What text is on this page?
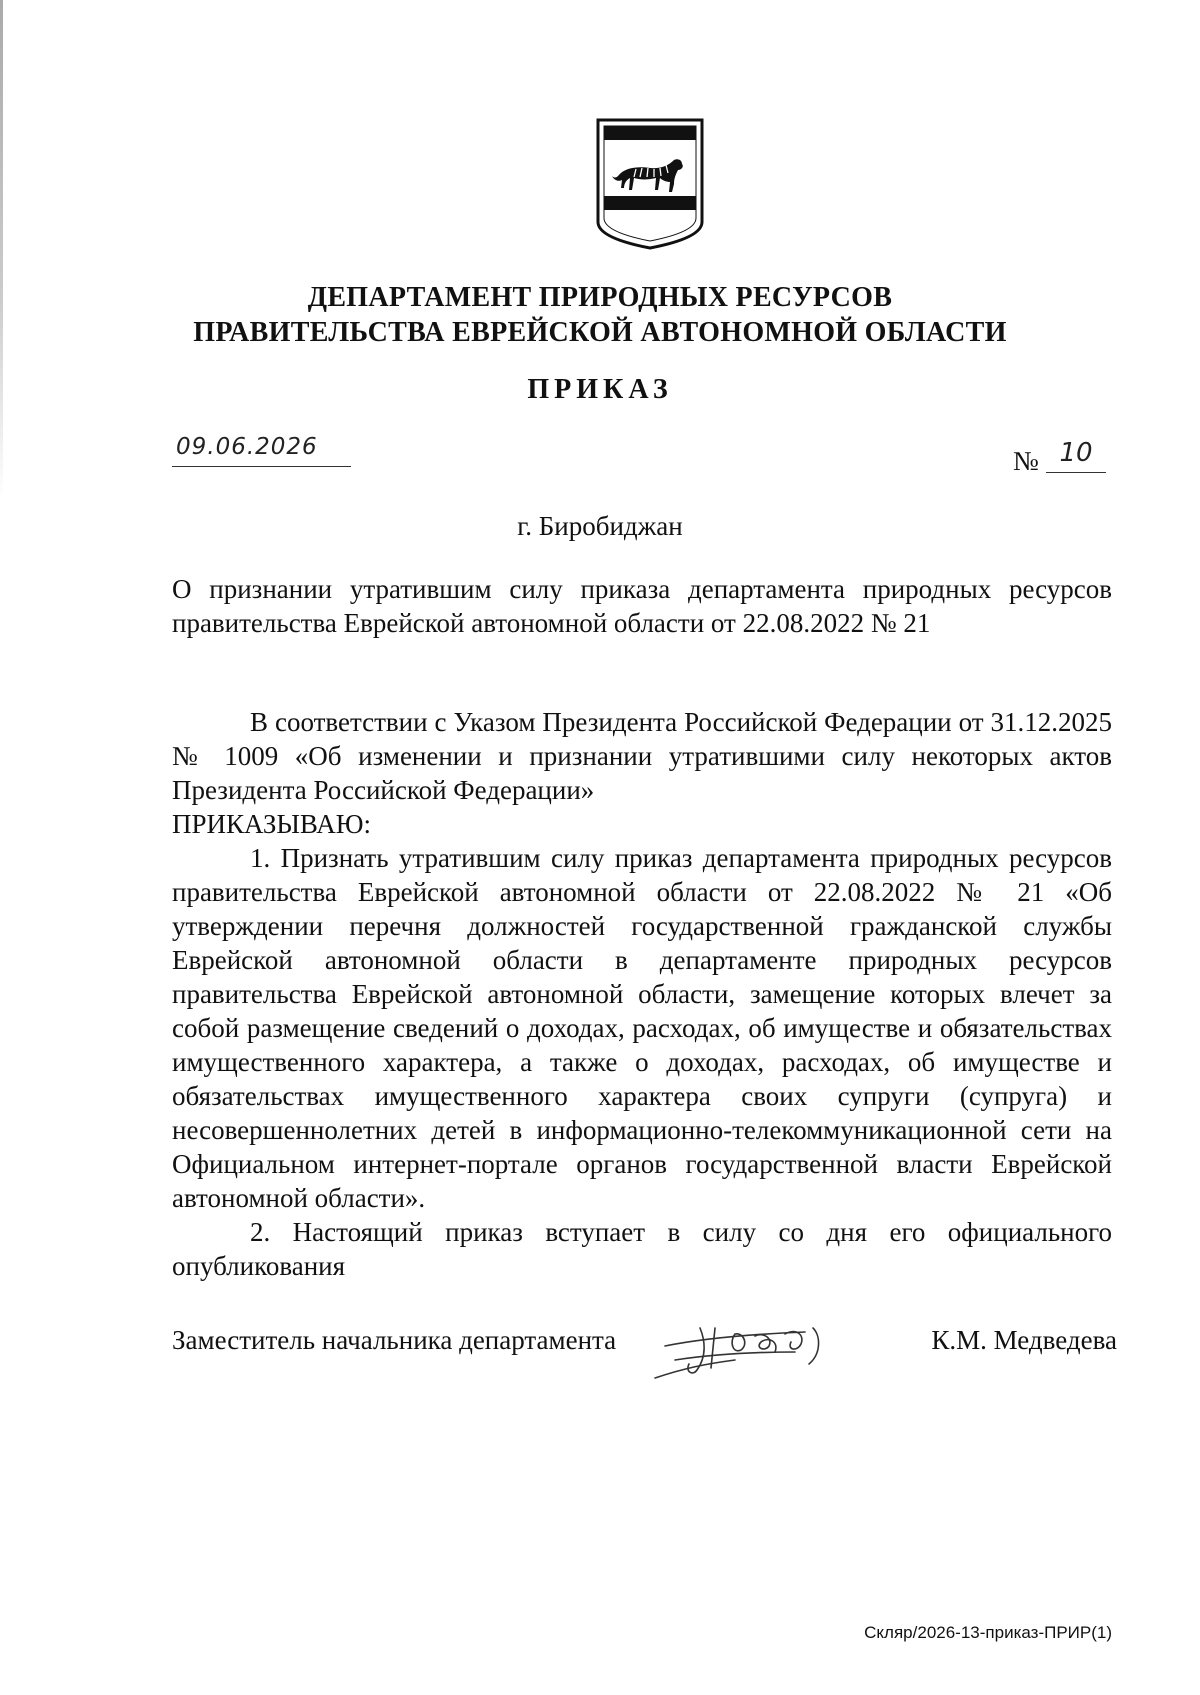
ДЕПАРТАМЕНТ ПРИРОДНЫХ РЕСУРСОВ
ПРАВИТЕЛЬСТВА ЕВРЕЙСКОЙ АВТОНОМНОЙ ОБЛАСТИ
ПРИКАЗ
09.06.2026	№ 10
г. Биробиджан
О признании утратившим силу приказа департамента природных ресурсов правительства Еврейской автономной области от 22.08.2022 № 21

В соответствии с Указом Президента Российской Федерации от 31.12.2025 № 1009 «Об изменении и признании утратившими силу некоторых актов Президента Российской Федерации»

ПРИКАЗЫВАЮ:

1. Признать утратившим силу приказ департамента природных ресурсов правительства Еврейской автономной области от 22.08.2022 № 21 «Об утверждении перечня должностей государственной гражданской службы Еврейской автономной области в департаменте природных ресурсов правительства Еврейской автономной области, замещение которых влечет за собой размещение сведений о доходах, расходах, об имуществе и обязательствах имущественного характера, а также о доходах, расходах, об имуществе и обязательствах имущественного характера своих супруги (супруга) и несовершеннолетних детей в информационно-телекоммуникационной сети на Официальном интернет-портале органов государственной власти Еврейской автономной области».

2. Настоящий приказ вступает в силу со дня его официального опубликования

Заместитель начальника департамента	К.М. Медведева
Скляр/2026-13-приказ-ПРИР(1)
